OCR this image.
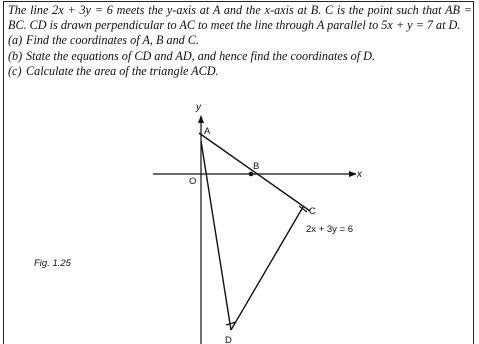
The line 2x + 3y = 6 meets the y-axis at A and the x-axis at B. C is the point such that AB = BC. CD is drawn perpendicular to AC to meet the line through A parallel to 5x + y = 7 at D.

(a) Find the coordinates of A, B and C.

(b) State the equations of CD and AD, and hence find the coordinates of D.

(c) Calculate the area of the triangle ACD.

y
x
O
A
B
C
D
2x + 3y = 6
Fig. 1.25
